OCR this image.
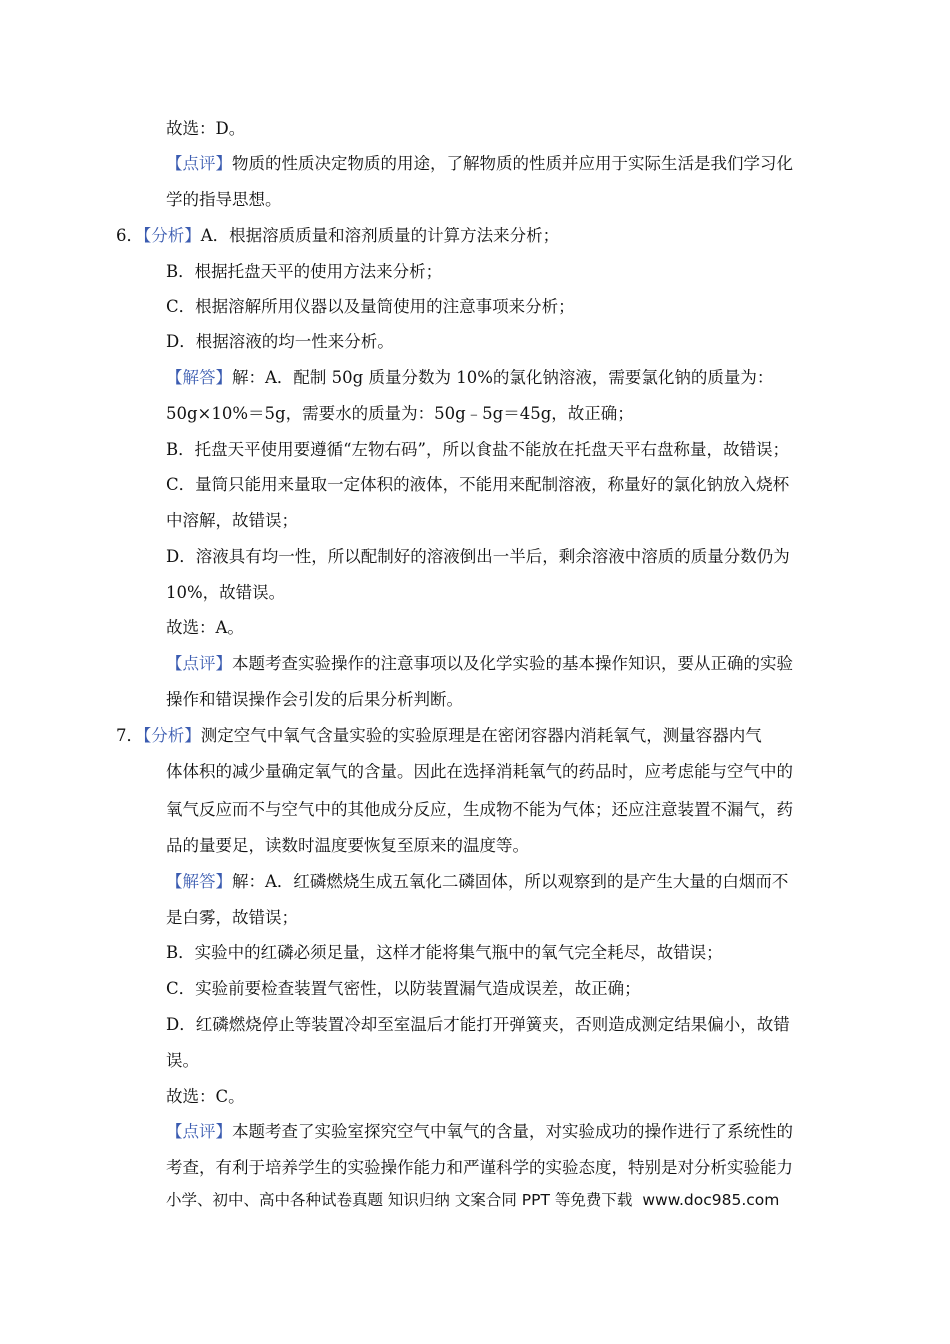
故选：D。
【点评】物质的性质决定物质的用途，了解物质的性质并应用于实际生活是我们学习化
学的指导思想。
6．【分析】A．根据溶质质量和溶剂质量的计算方法来分析；
B．根据托盘天平的使用方法来分析；
C．根据溶解所用仪器以及量筒使用的注意事项来分析；
D．根据溶液的均一性来分析。
【解答】解：A．配制 50g 质量分数为 10%的氯化钠溶液，需要氯化钠的质量为：
50g×10%＝5g，需要水的质量为：50g﹣5g＝45g，故正确；
B．托盘天平使用要遵循“左物右码”，所以食盐不能放在托盘天平右盘称量，故错误；
C．量筒只能用来量取一定体积的液体，不能用来配制溶液，称量好的氯化钠放入烧杯
中溶解，故错误；
D．溶液具有均一性，所以配制好的溶液倒出一半后，剩余溶液中溶质的质量分数仍为
10%，故错误。
故选：A。
【点评】本题考查实验操作的注意事项以及化学实验的基本操作知识，要从正确的实验
操作和错误操作会引发的后果分析判断。
7．【分析】测定空气中氧气含量实验的实验原理是在密闭容器内消耗氧气，测量容器内气
体体积的减少量确定氧气的含量。因此在选择消耗氧气的药品时，应考虑能与空气中的
氧气反应而不与空气中的其他成分反应，生成物不能为气体；还应注意装置不漏气，药
品的量要足，读数时温度要恢复至原来的温度等。
【解答】解：A．红磷燃烧生成五氧化二磷固体，所以观察到的是产生大量的白烟而不
是白雾，故错误；
B．实验中的红磷必须足量，这样才能将集气瓶中的氧气完全耗尽，故错误；
C．实验前要检查装置气密性，以防装置漏气造成误差，故正确；
D．红磷燃烧停止等装置冷却至室温后才能打开弹簧夹，否则造成测定结果偏小，故错
误。
故选：C。
【点评】本题考查了实验室探究空气中氧气的含量，对实验成功的操作进行了系统性的
考查，有利于培养学生的实验操作能力和严谨科学的实验态度，特别是对分析实验能力
小学、初中、高中各种试卷真题 知识归纳 文案合同 PPT 等免费下载 www.doc985.com
